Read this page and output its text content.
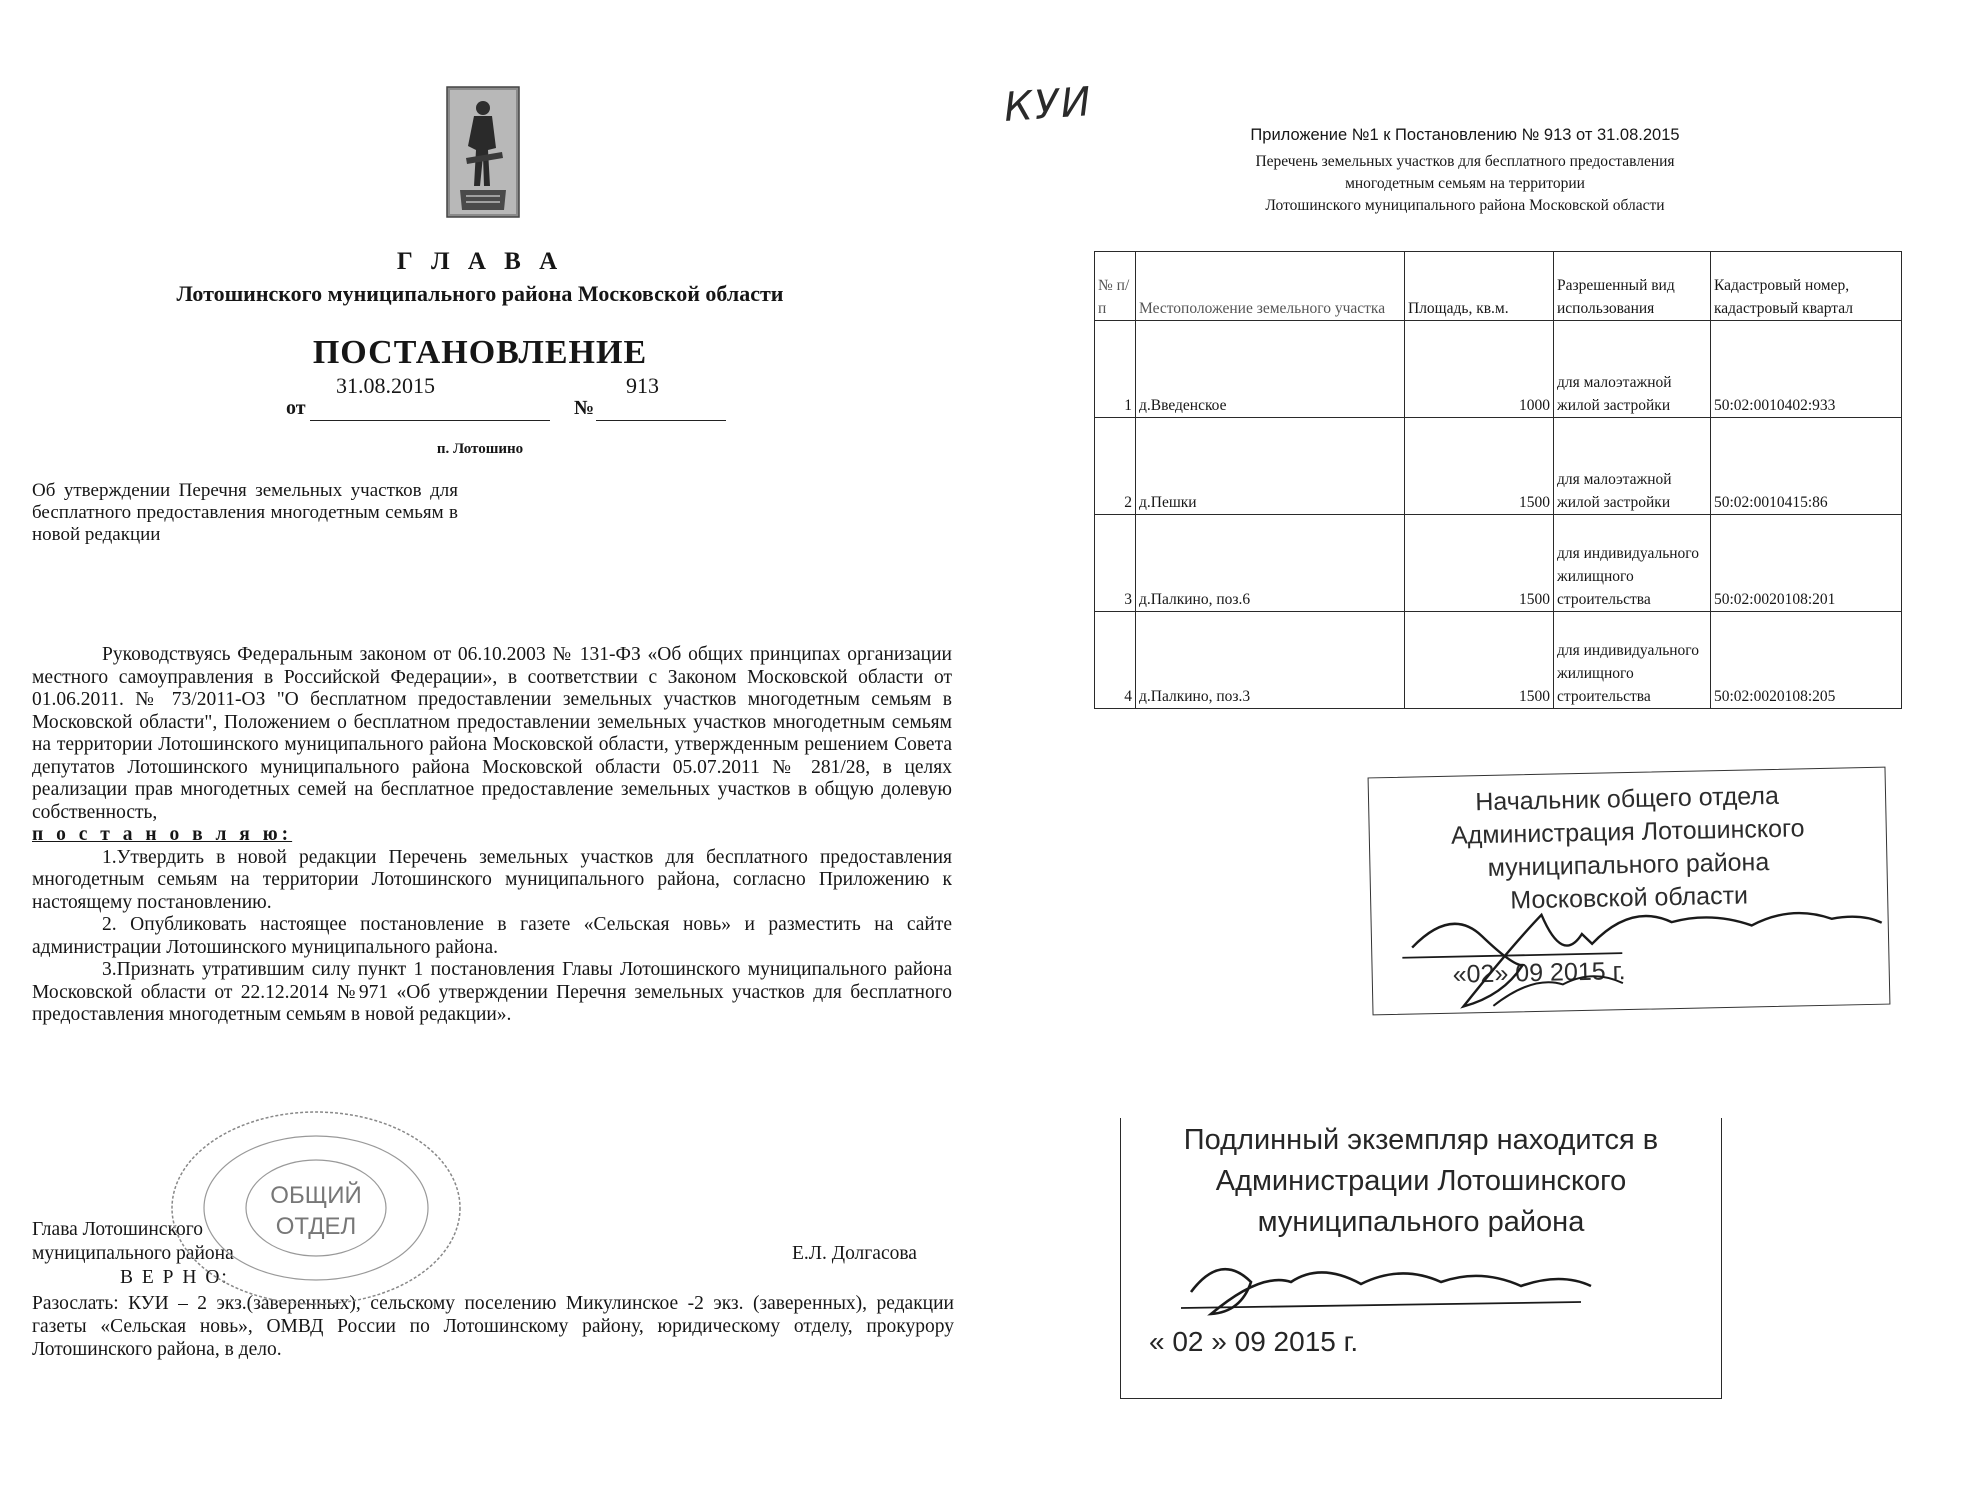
Г Л А В А
Лотошинского муниципального района Московской области
ПОСТАНОВЛЕНИЕ
от
31.08.2015
№
913
п. Лотошино
Об утверждении Перечня земельных участков для бесплатного предоставления многодетным семьям в новой редакции

Руководствуясь Федеральным законом от 06.10.2003 № 131-ФЗ «Об общих принципах организации местного самоуправления в Российской Федерации», в соответствии с Законом Московской области от 01.06.2011. № 73/2011-ОЗ "О бесплатном предоставлении земельных участков многодетным семьям в Московской области", Положением о бесплатном предоставлении земельных участков многодетным семьям на территории Лотошинского муниципального района Московской области, утвержденным решением Совета депутатов Лотошинского муниципального района Московской области 05.07.2011 № 281/28, в целях реализации прав многодетных семей на бесплатное предоставление земельных участков в общую долевую собственность,

п о с т а н о в л я ю:

1.Утвердить в новой редакции Перечень земельных участков для бесплатного предоставления многодетным семьям на территории Лотошинского муниципального района, согласно Приложению к настоящему постановлению.

2. Опубликовать настоящее постановление в газете «Сельская новь» и разместить на сайте администрации Лотошинского муниципального района.

3.Признать утратившим силу пункт 1 постановления Главы Лотошинского муниципального района Московской области от 22.12.2014 №971 «Об утверждении Перечня земельных участков для бесплатного предоставления многодетным семьям в новой редакции».

Глава Лотошинского
муниципального района	Е.Л. Долгасова
В Е Р Н О:
Разослать: КУИ – 2 экз.(заверенных), сельскому поселению Микулинское -2 экз. (заверенных), редакции газеты «Сельская новь», ОМВД России по Лотошинскому району, юридическому отделу, прокурору Лотошинского района, в дело.
ОБЩИЙ
ОТДЕЛ
КУИ
Приложение №1 к Постановлению № 913 от 31.08.2015
Перечень земельных участков для бесплатного предоставления
многодетным семьям на территории
Лотошинского муниципального района Московской области
№ п/п	Местоположение земельного участка	Площадь, кв.м.	Разрешенный вид использования	Кадастровый номер, кадастровый квартал
1	д.Введенское	1000	для малоэтажной жилой застройки	50:02:0010402:933
2	д.Пешки	1500	для малоэтажной жилой застройки	50:02:0010415:86
3	д.Палкино, поз.6	1500	для индивидуального жилищного строительства	50:02:0020108:201
4	д.Палкино, поз.3	1500	для индивидуального жилищного строительства	50:02:0020108:205
Начальник общего отдела
Администрация Лотошинского
муниципального района
Московской области
«02» 09 2015 г.
Подлинный экземпляр находится в
Администрации Лотошинского
муниципального района
« 02 » 09 2015 г.
